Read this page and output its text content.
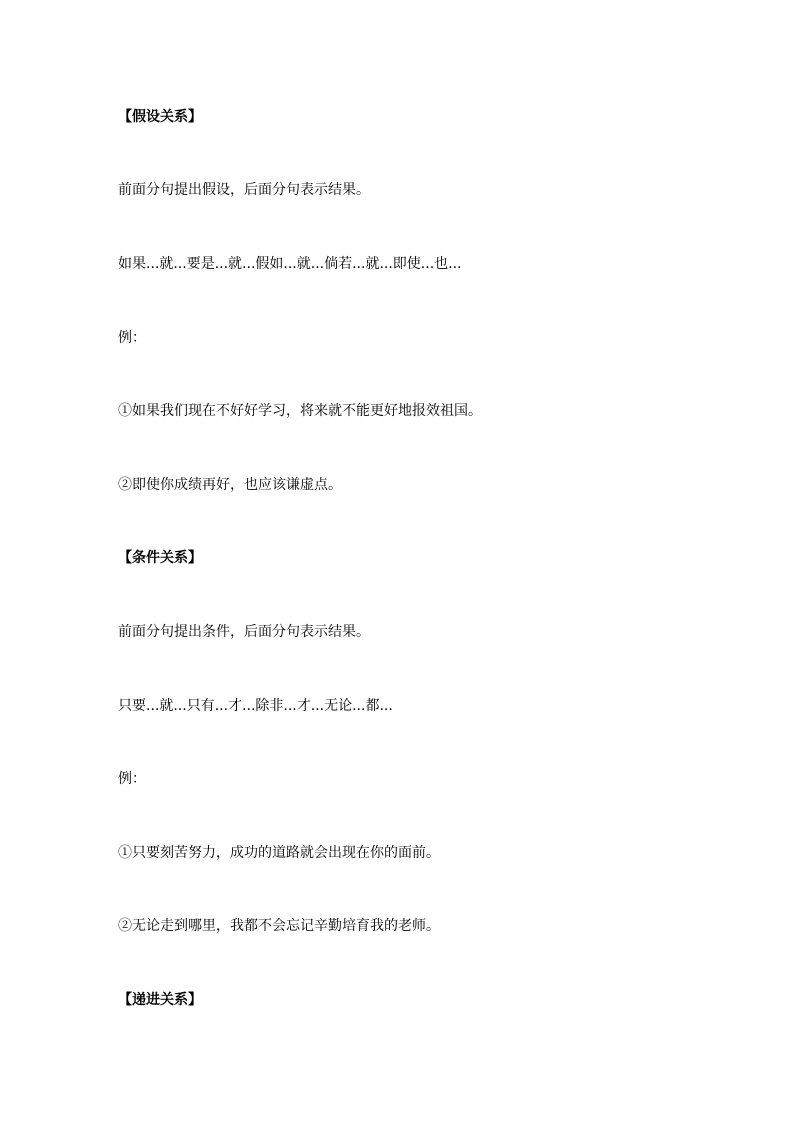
【假设关系】
前面分句提出假设，后面分句表示结果。
如果...就...要是...就...假如...就...倘若...就...即使...也...
例：
①如果我们现在不好好学习，将来就不能更好地报效祖国。
②即使你成绩再好，也应该谦虚点。
【条件关系】
前面分句提出条件，后面分句表示结果。
只要...就...只有...才...除非...才...无论...都...
例：
①只要刻苦努力，成功的道路就会出现在你的面前。
②无论走到哪里，我都不会忘记辛勤培育我的老师。
【递进关系】
